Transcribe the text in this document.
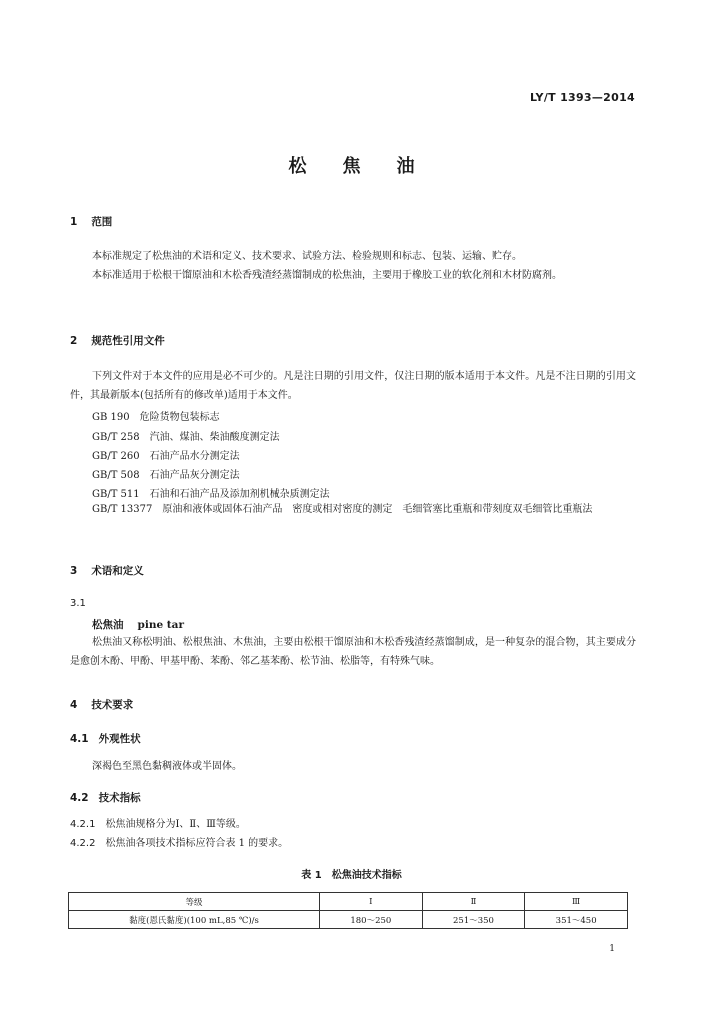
LY/T 1393—2014
松焦油
1 范围
本标准规定了松焦油的术语和定义、技术要求、试验方法、检验规则和标志、包装、运输、贮存。
本标准适用于松根干馏原油和木松香残渣经蒸馏制成的松焦油，主要用于橡胶工业的软化剂和木材防腐剂。
2 规范性引用文件
下列文件对于本文件的应用是必不可少的。凡是注日期的引用文件，仅注日期的版本适用于本文件。凡是不注日期的引用文件，其最新版本(包括所有的修改单)适用于本文件。
GB 190　危险货物包装标志
GB/T 258　汽油、煤油、柴油酸度测定法
GB/T 260　石油产品水分测定法
GB/T 508　石油产品灰分测定法
GB/T 511　石油和石油产品及添加剂机械杂质测定法
GB/T 13377　原油和液体或固体石油产品　密度或相对密度的测定　毛细管塞比重瓶和带刻度双毛细管比重瓶法
3 术语和定义
3.1
松焦油 pine tar
松焦油又称松明油、松根焦油、木焦油，主要由松根干馏原油和木松香残渣经蒸馏制成，是一种复杂的混合物，其主要成分是愈创木酚、甲酚、甲基甲酚、苯酚、邻乙基苯酚、松节油、松脂等，有特殊气味。
4 技术要求
4.1 外观性状
深褐色至黑色黏稠液体或半固体。
4.2 技术指标
4.2.1 松焦油规格分为Ⅰ、Ⅱ、Ⅲ等级。
4.2.2 松焦油各项技术指标应符合表 1 的要求。
表 1　松焦油技术指标
等级	Ⅰ	Ⅱ	Ⅲ
黏度(恩氏黏度)(100 mL,85 ℃)/s	180～250	251～350	351～450
1
